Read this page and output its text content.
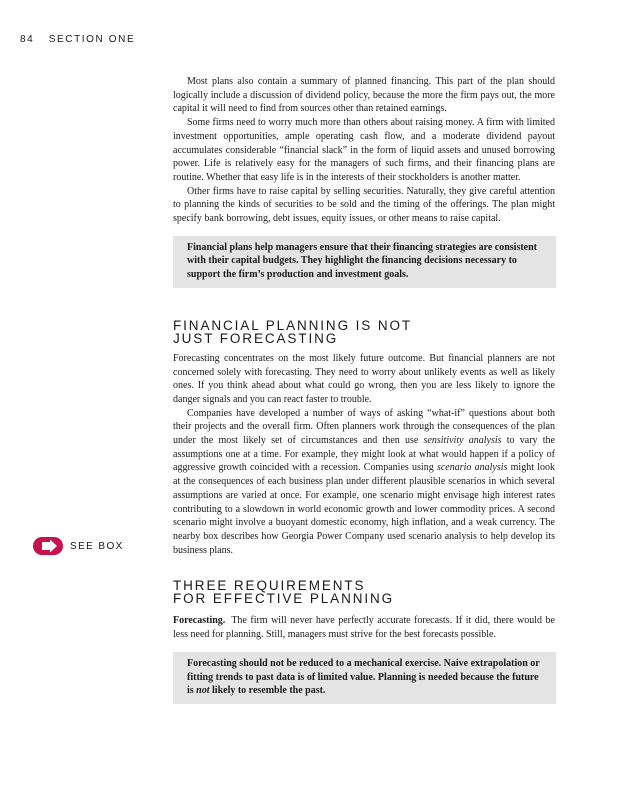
84 SECTION ONE
SEE BOX

Most plans also contain a summary of planned financing. This part of the plan should logically include a discussion of dividend policy, because the more the firm pays out, the more capital it will need to find from sources other than retained earnings.

Some firms need to worry much more than others about raising money. A firm with limited investment opportunities, ample operating cash flow, and a moderate dividend payout accumulates considerable “financial slack” in the form of liquid assets and unused borrowing power. Life is relatively easy for the managers of such firms, and their financing plans are routine. Whether that easy life is in the interests of their stockholders is another matter.

Other firms have to raise capital by selling securities. Naturally, they give careful attention to planning the kinds of securities to be sold and the timing of the offerings. The plan might specify bank borrowing, debt issues, equity issues, or other means to raise capital.

Financial plans help managers ensure that their financing strategies are consistent with their capital budgets. They highlight the financing decisions necessary to support the firm’s production and investment goals.

FINANCIAL PLANNING IS NOT
JUST FORECASTING

Forecasting concentrates on the most likely future outcome. But financial planners are not concerned solely with forecasting. They need to worry about unlikely events as well as likely ones. If you think ahead about what could go wrong, then you are less likely to ignore the danger signals and you can react faster to trouble.

Companies have developed a number of ways of asking “what-if” questions about both their projects and the overall firm. Often planners work through the consequences of the plan under the most likely set of circumstances and then use sensitivity analysis to vary the assumptions one at a time. For example, they might look at what would happen if a policy of aggressive growth coincided with a recession. Companies using scenario analysis might look at the consequences of each business plan under different plausible scenarios in which several assumptions are varied at once. For example, one scenario might envisage high interest rates contributing to a slowdown in world economic growth and lower commodity prices. A second scenario might involve a buoyant domestic economy, high inflation, and a weak currency. The nearby box describes how Georgia Power Company used scenario analysis to help develop its business plans.

THREE REQUIREMENTS
FOR EFFECTIVE PLANNING

Forecasting. The firm will never have perfectly accurate forecasts. If it did, there would be less need for planning. Still, managers must strive for the best forecasts possible.

Forecasting should not be reduced to a mechanical exercise. Naive extrapolation or fitting trends to past data is of limited value. Planning is needed because the future is not likely to resemble the past.
